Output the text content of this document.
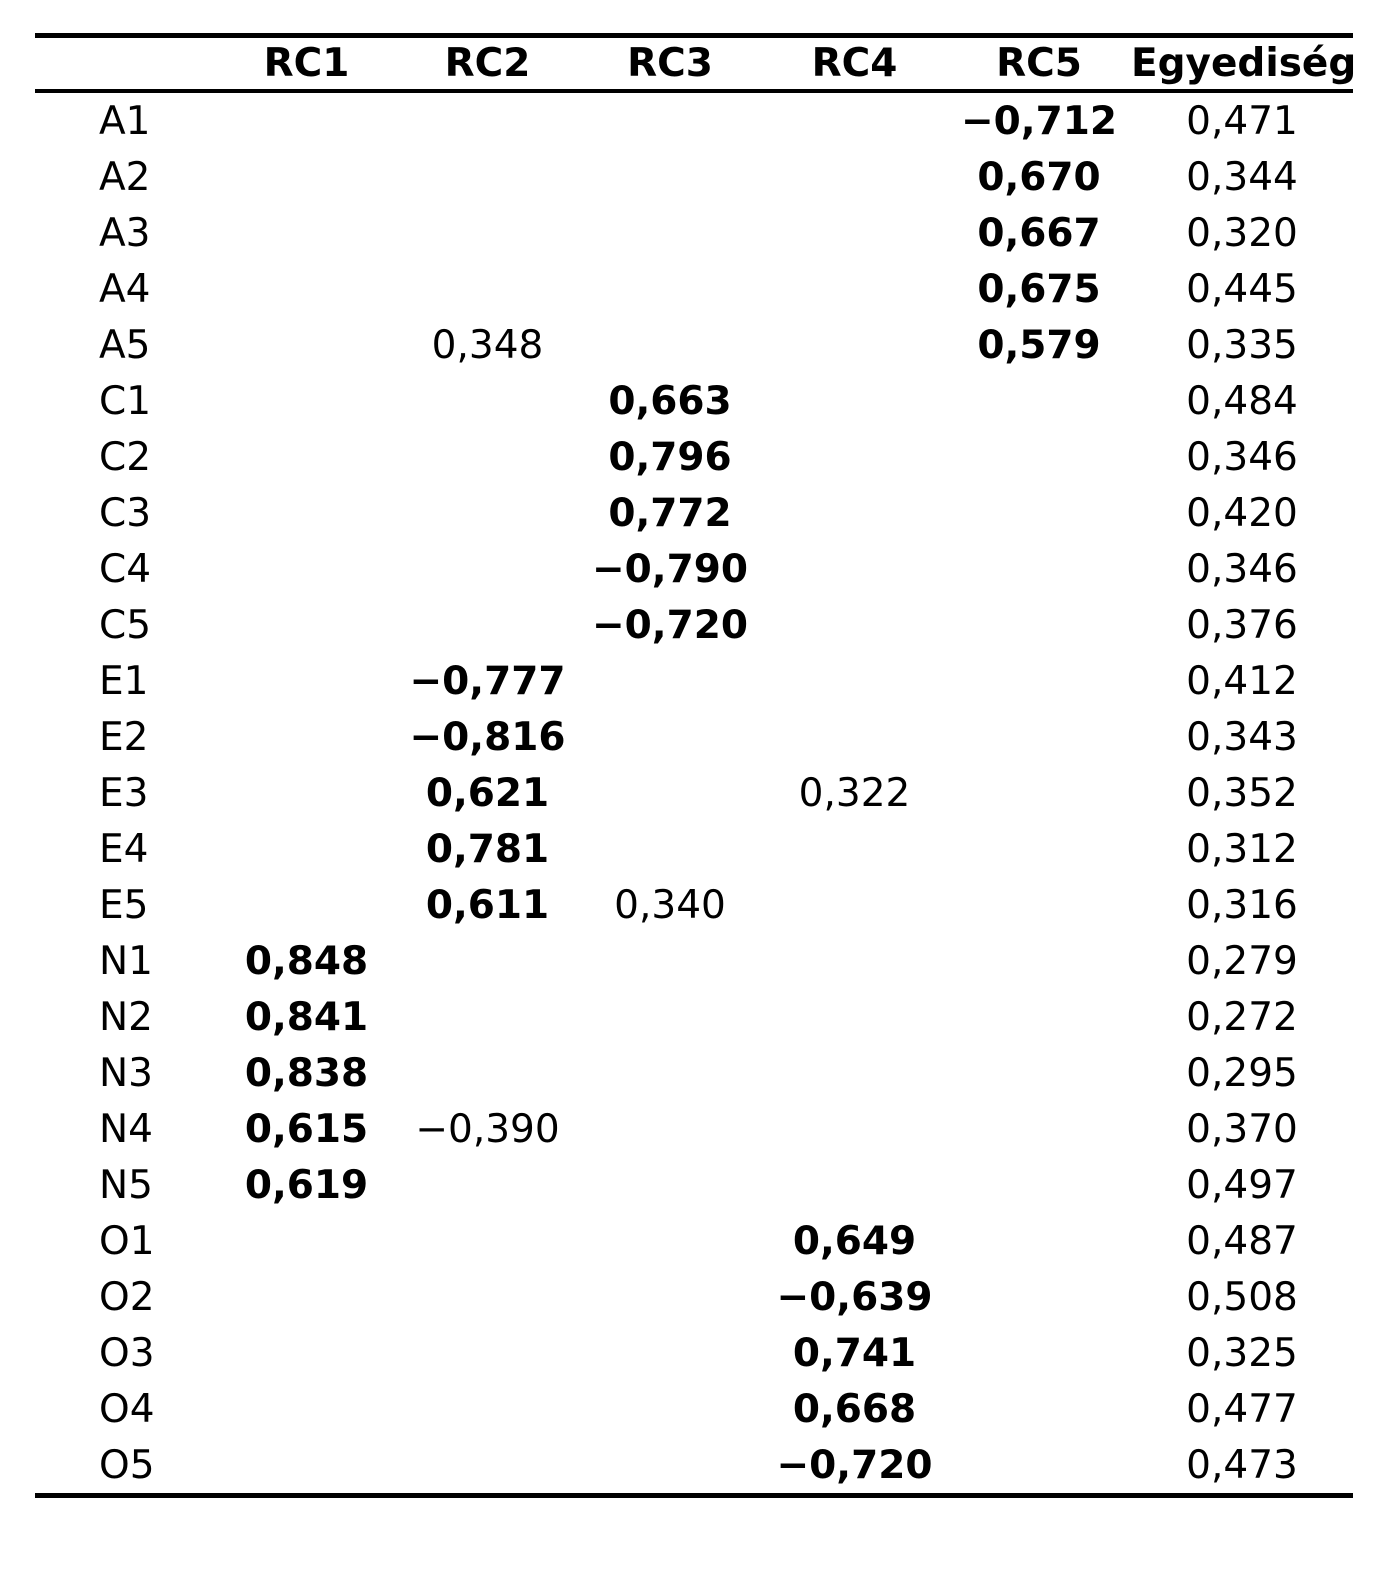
	RC1	RC2	RC3	RC4	RC5	Egyediség
A1					−0,712	0,471
A2					0,670	0,344
A3					0,667	0,320
A4					0,675	0,445
A5		0,348			0,579	0,335
C1			0,663			0,484
C2			0,796			0,346
C3			0,772			0,420
C4			−0,790			0,346
C5			−0,720			0,376
E1		−0,777				0,412
E2		−0,816				0,343
E3		0,621		0,322		0,352
E4		0,781				0,312
E5		0,611	0,340			0,316
N1	0,848					0,279
N2	0,841					0,272
N3	0,838					0,295
N4	0,615	−0,390				0,370
N5	0,619					0,497
O1				0,649		0,487
O2				−0,639		0,508
O3				0,741		0,325
O4				0,668		0,477
O5				−0,720		0,473
